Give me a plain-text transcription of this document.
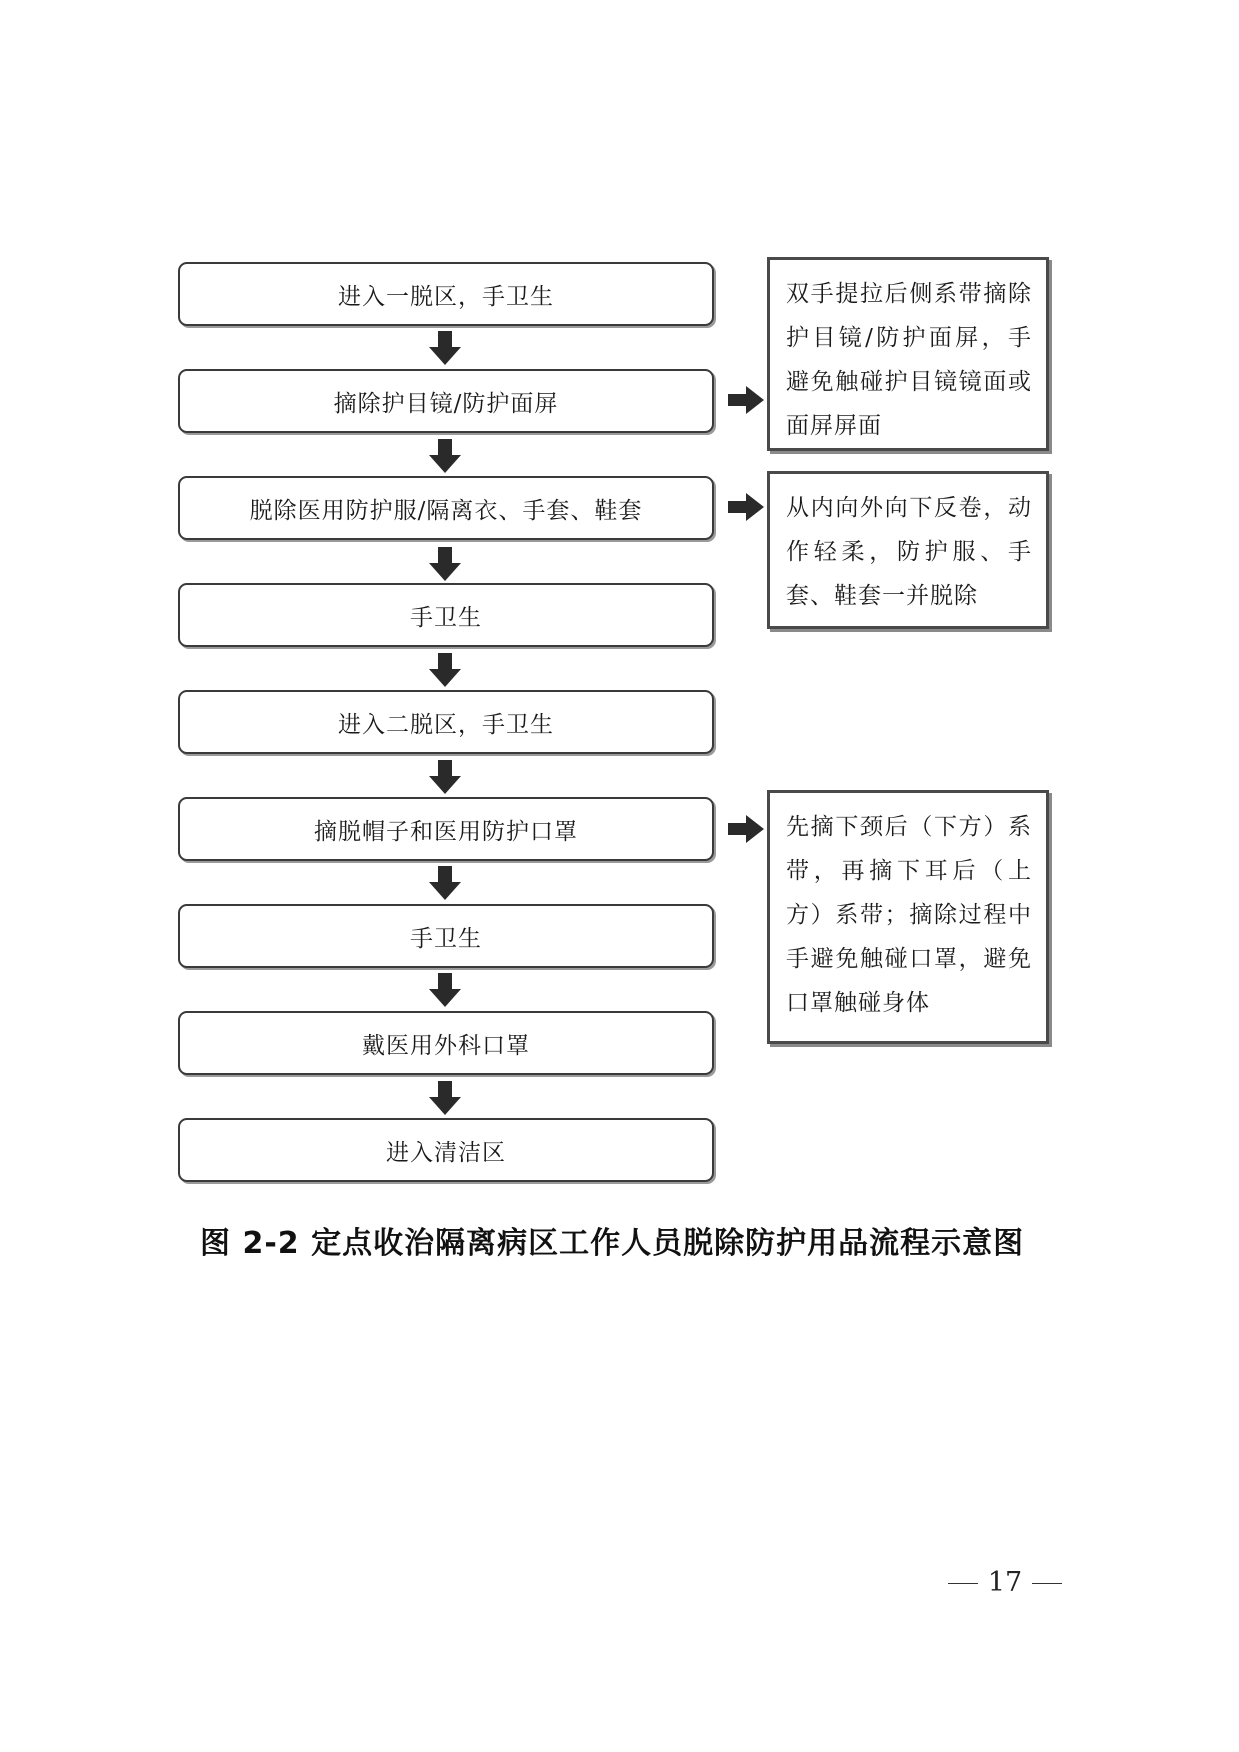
进入一脱区，手卫生
摘除护目镜/防护面屏
脱除医用防护服/隔离衣、手套、鞋套
手卫生
进入二脱区，手卫生
摘脱帽子和医用防护口罩
手卫生
戴医用外科口罩
进入清洁区
双手提拉后侧系带摘除护目镜/防护面屏，手避免触碰护目镜镜面或面屏屏面
从内向外向下反卷，动作轻柔，防护服、手套、鞋套一并脱除
先摘下颈后（下方）系带，再摘下耳后（上方）系带；摘除过程中手避免触碰口罩，避免口罩触碰身体
图 2-2 定点收治隔离病区工作人员脱除防护用品流程示意图
17
